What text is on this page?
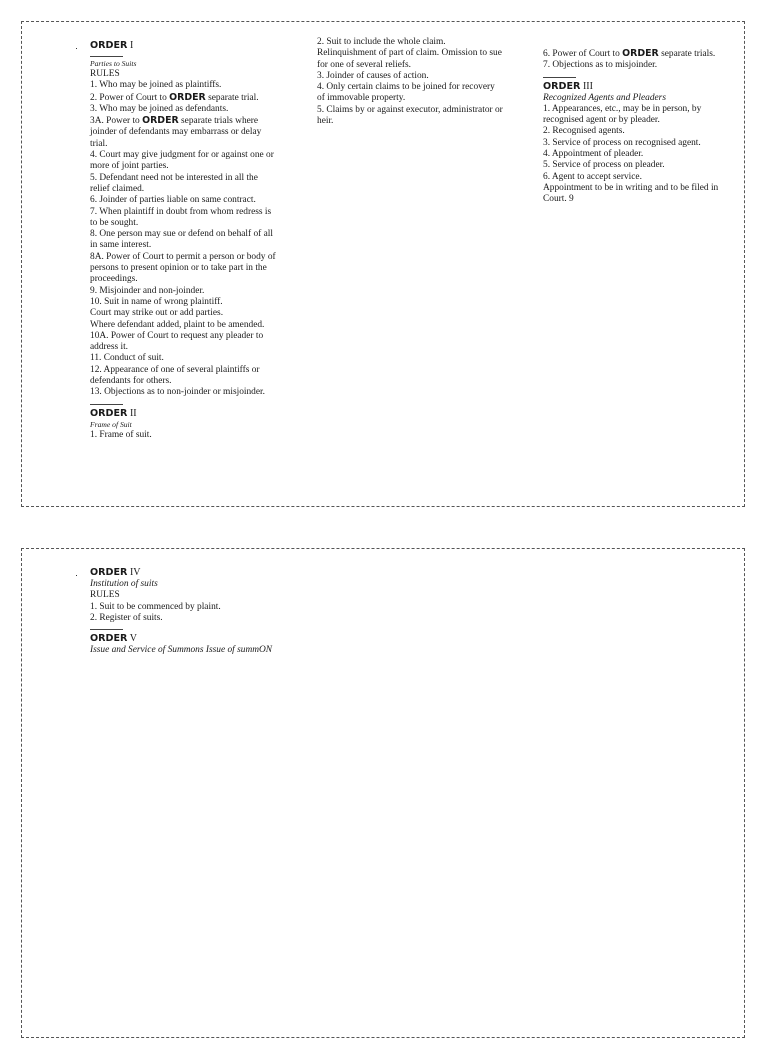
ORDER I
Parties to Suits
RULES
1. Who may be joined as plaintiffs.
2. Power of Court to ORDER separate trial.
3. Who may be joined as defendants.
3A. Power to ORDER separate trials where
joinder of defendants may embarrass or delay
trial.
4. Court may give judgment for or against one or
more of joint parties.
5. Defendant need not be interested in all the
relief claimed.
6. Joinder of parties liable on same contract.
7. When plaintiff in doubt from whom redress is
to be sought.
8. One person may sue or defend on behalf of all
in same interest.
8A. Power of Court to permit a person or body of
persons to present opinion or to take part in the
proceedings.
9. Misjoinder and non-joinder.
10. Suit in name of wrong plaintiff.
Court may strike out or add parties.
Where defendant added, plaint to be amended.
10A. Power of Court to request any pleader to
address it.
11. Conduct of suit.
12. Appearance of one of several plaintiffs or
defendants for others.
13. Objections as to non-joinder or misjoinder.
ORDER II
Frame of Suit
1. Frame of suit.
2. Suit to include the whole claim.
Relinquishment of part of claim. Omission to sue
for one of several reliefs.
3. Joinder of causes of action.
4. Only certain claims to be joined for recovery
of immovable property.
5. Claims by or against executor, administrator or
heir.
6. Power of Court to ORDER separate trials.
7. Objections as to misjoinder.
ORDER III
Recognized Agents and Pleaders
1. Appearances, etc., may be in person, by
recognised agent or by pleader.
2. Recognised agents.
3. Service of process on recognised agent.
4. Appointment of pleader.
5. Service of process on pleader.
6. Agent to accept service.
Appointment to be in writing and to be filed in
Court. 9
ORDER IV
Institution of suits
RULES
1. Suit to be commenced by plaint.
2. Register of suits.
ORDER V
Issue and Service of Summons Issue of summON
